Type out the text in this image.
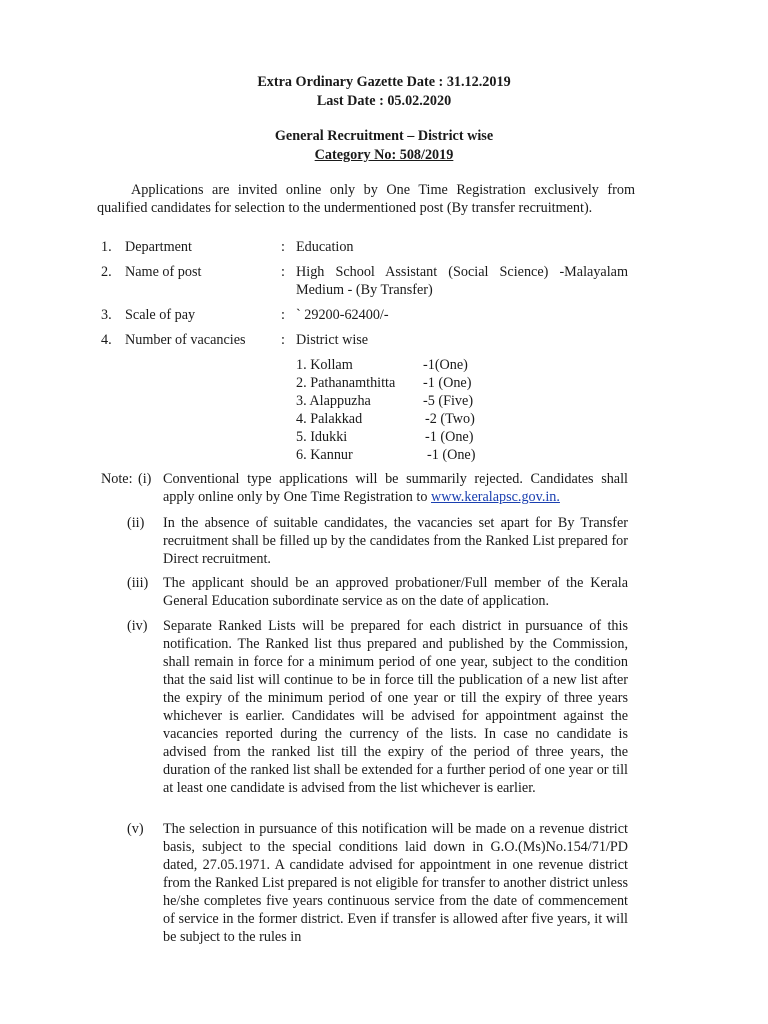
Extra Ordinary Gazette Date : 31.12.2019
Last Date : 05.02.2020
General Recruitment – District wise
Category No: 508/2019
Applications are invited online only by One Time Registration exclusively from qualified candidates for selection to the undermentioned post (By transfer recruitment).
1. Department	: Education
2. Name of post	: High School Assistant (Social Science) -Malayalam Medium - (By Transfer)
3. Scale of pay	: ` 29200-62400/-
4. Number of vacancies : District wise
1. Kollam	-1(One)
2. Pathanamthitta -1 (One)
3. Alappuzha	-5 (Five)
4. Palakkad	-2 (Two)
5. Idukki	-1 (One)
6. Kannur	-1 (One)
Note: (i) Conventional type applications will be summarily rejected. Candidates shall apply online only by One Time Registration to www.keralapsc.gov.in.
(ii) In the absence of suitable candidates, the vacancies set apart for By Transfer recruitment shall be filled up by the candidates from the Ranked List prepared for Direct recruitment.
(iii) The applicant should be an approved probationer/Full member of the Kerala General Education subordinate service as on the date of application.
(iv) Separate Ranked Lists will be prepared for each district in pursuance of this notification. The Ranked list thus prepared and published by the Commission, shall remain in force for a minimum period of one year, subject to the condition that the said list will continue to be in force till the publication of a new list after the expiry of the minimum period of one year or till the expiry of three years whichever is earlier. Candidates will be advised for appointment against the vacancies reported during the currency of the lists. In case no candidate is advised from the ranked list till the expiry of the period of three years, the duration of the ranked list shall be extended for a further period of one year or till at least one candidate is advised from the list whichever is earlier.
(v) The selection in pursuance of this notification will be made on a revenue district basis, subject to the special conditions laid down in G.O.(Ms)No.154/71/PD dated, 27.05.1971. A candidate advised for appointment in one revenue district from the Ranked List prepared is not eligible for transfer to another district unless he/she completes five years continuous service from the date of commencement of service in the former district. Even if transfer is allowed after five years, it will be subject to the rules in
